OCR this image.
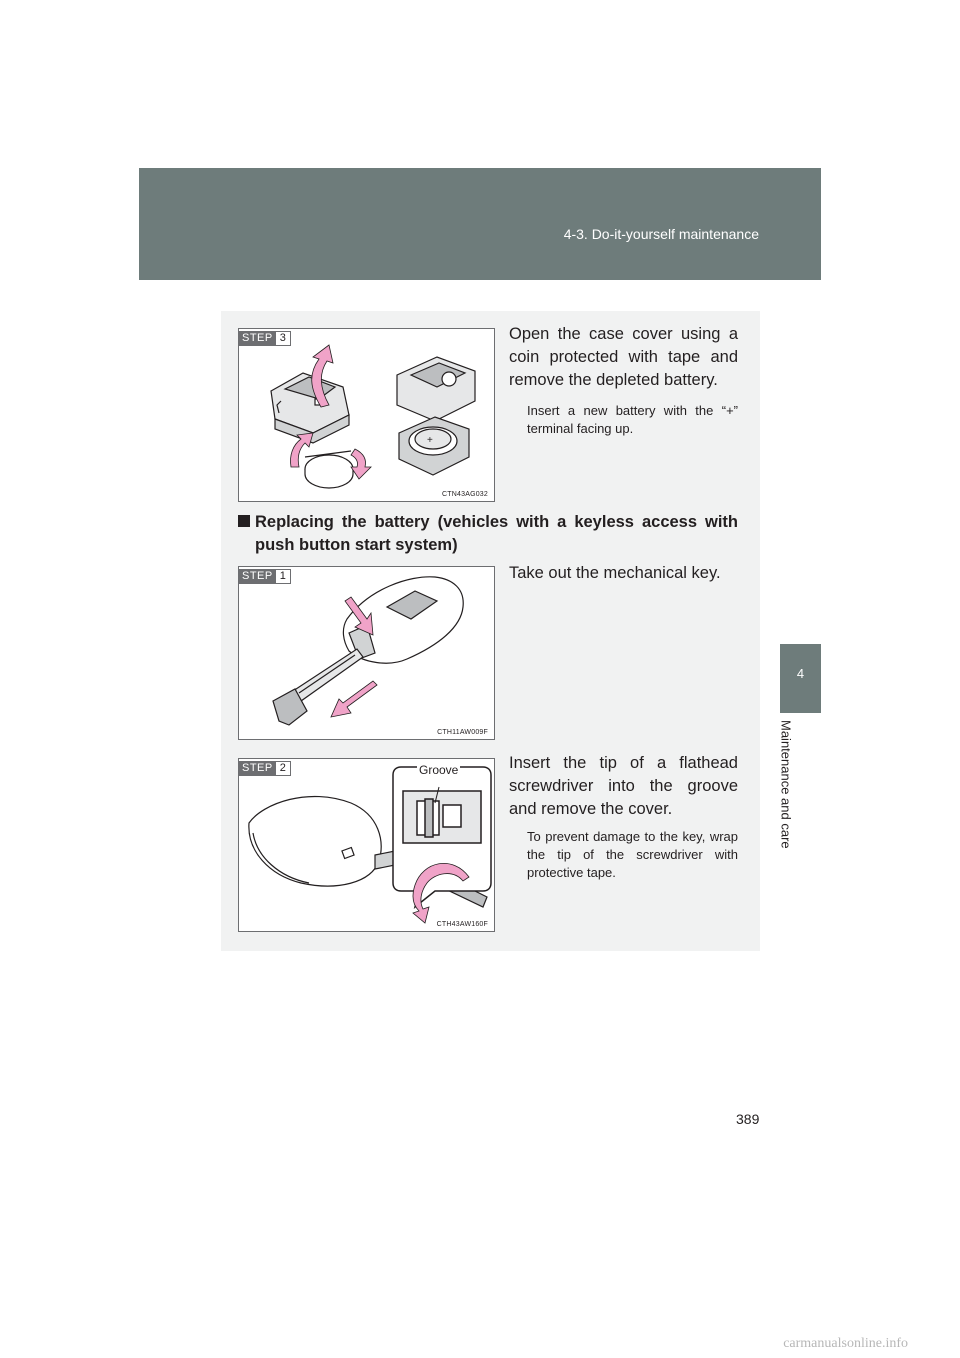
4-3. Do-it-yourself maintenance
4
Maintenance and care
+
STEP 3
CTN43AG032
Open the case cover using a coin protected with tape and remove the depleted battery.
Insert a new battery with the “+” terminal facing up.
Replacing the battery (vehicles with a keyless access with
push button start system)
STEP 1
CTH11AW009F
Take out the mechanical key.
Groove
STEP 2
CTH43AW160F
Insert the tip of a flathead screwdriver into the groove and remove the cover.
To prevent damage to the key, wrap the tip of the screwdriver with protective tape.
389
carmanualsonline.info
